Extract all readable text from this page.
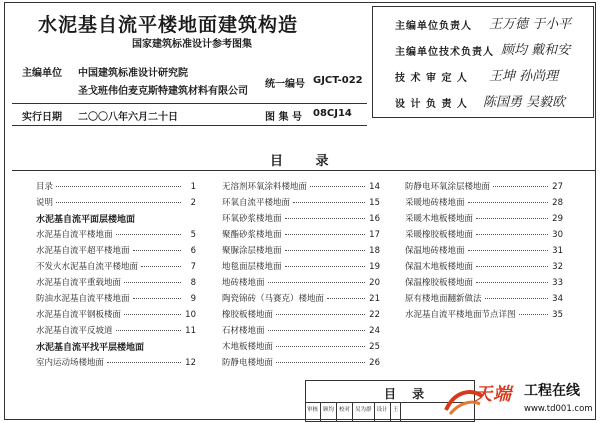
水泥基自流平楼地面建筑构造
国家建筑标准设计参考图集
主编单位 中国建筑标准设计研究院
圣戈班伟伯麦克斯特建筑材料有限公司
统一编号 GJCT-022
实行日期 二〇〇八年六月二十日	图 集 号 08CJ14
主编单位负责人 王万德 于小平
主编单位技术负责人 顾均 戴和安
技 术 审 定 人 王坤 孙尚理
设 计 负 责 人 陈国勇 吴毅欧
目 录
目录	1
说明	2
水泥基自流平面层楼地面
水泥基自流平楼地面	5
水泥基自流平超平楼地面	6
不发火水泥基自流平楼地面	7
水泥基自流平重载地面	8
防油水泥基自流平楼地面	9
水泥基自流平钢板楼面	10
水泥基自流平反坡道	11
水泥基自流平找平层楼地面
室内运动场楼地面	12
无溶剂环氧涂料楼地面	14
环氧自流平楼地面	15
环氧砂浆楼地面	16
聚酯砂浆楼地面	17
聚脲涂层楼地面	18
地毯面层楼地面	19
地砖楼地面	20
陶瓷锦砖（马赛克）楼地面	21
橡胶板楼地面	22
石材楼地面	24
木地板楼地面	25
防静电楼地面	26
防静电环氧涂层楼地面	27
采暖地砖楼地面	28
采暖木地板楼地面	29
采暖橡胶板楼地面	30
保温地砖楼地面	31
保温木地板楼地面	32
保温橡胶板楼地面	33
原有楼地面翻新做法	34
水泥基自流平楼地面节点详图	35
目 录
审核 顾均 校对 吴为群 设计 王
天端 工程在线
www.td001.com
